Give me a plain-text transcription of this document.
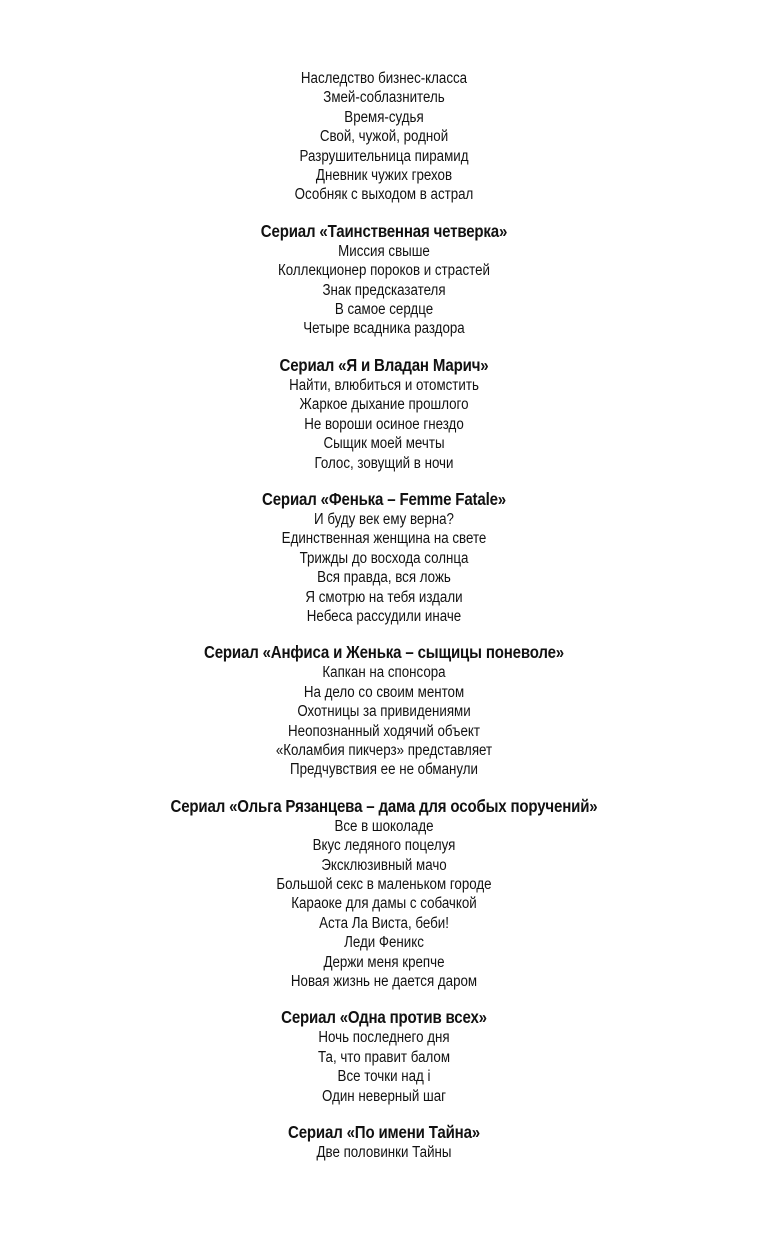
Наследство бизнес-класса
Змей-соблазнитель
Время-судья
Свой, чужой, родной
Разрушительница пирамид
Дневник чужих грехов
Особняк с выходом в астрал
Сериал «Таинственная четверка»
Миссия свыше
Коллекционер пороков и страстей
Знак предсказателя
В самое сердце
Четыре всадника раздора
Сериал «Я и Владан Марич»
Найти, влюбиться и отомстить
Жаркое дыхание прошлого
Не вороши осиное гнездо
Сыщик моей мечты
Голос, зовущий в ночи
Сериал «Фенька – Femme Fatale»
И буду век ему верна?
Единственная женщина на свете
Трижды до восхода солнца
Вся правда, вся ложь
Я смотрю на тебя издали
Небеса рассудили иначе
Сериал «Анфиса и Женька – сыщицы поневоле»
Капкан на спонсора
На дело со своим ментом
Охотницы за привидениями
Неопознанный ходячий объект
«Коламбия пикчерз» представляет
Предчувствия ее не обманули
Сериал «Ольга Рязанцева – дама для особых поручений»
Все в шоколаде
Вкус ледяного поцелуя
Эксклюзивный мачо
Большой секс в маленьком городе
Караоке для дамы с собачкой
Аста Ла Виста, беби!
Леди Феникс
Держи меня крепче
Новая жизнь не дается даром
Сериал «Одна против всех»
Ночь последнего дня
Та, что правит балом
Все точки над i
Один неверный шаг
Сериал «По имени Тайна»
Две половинки Тайны
